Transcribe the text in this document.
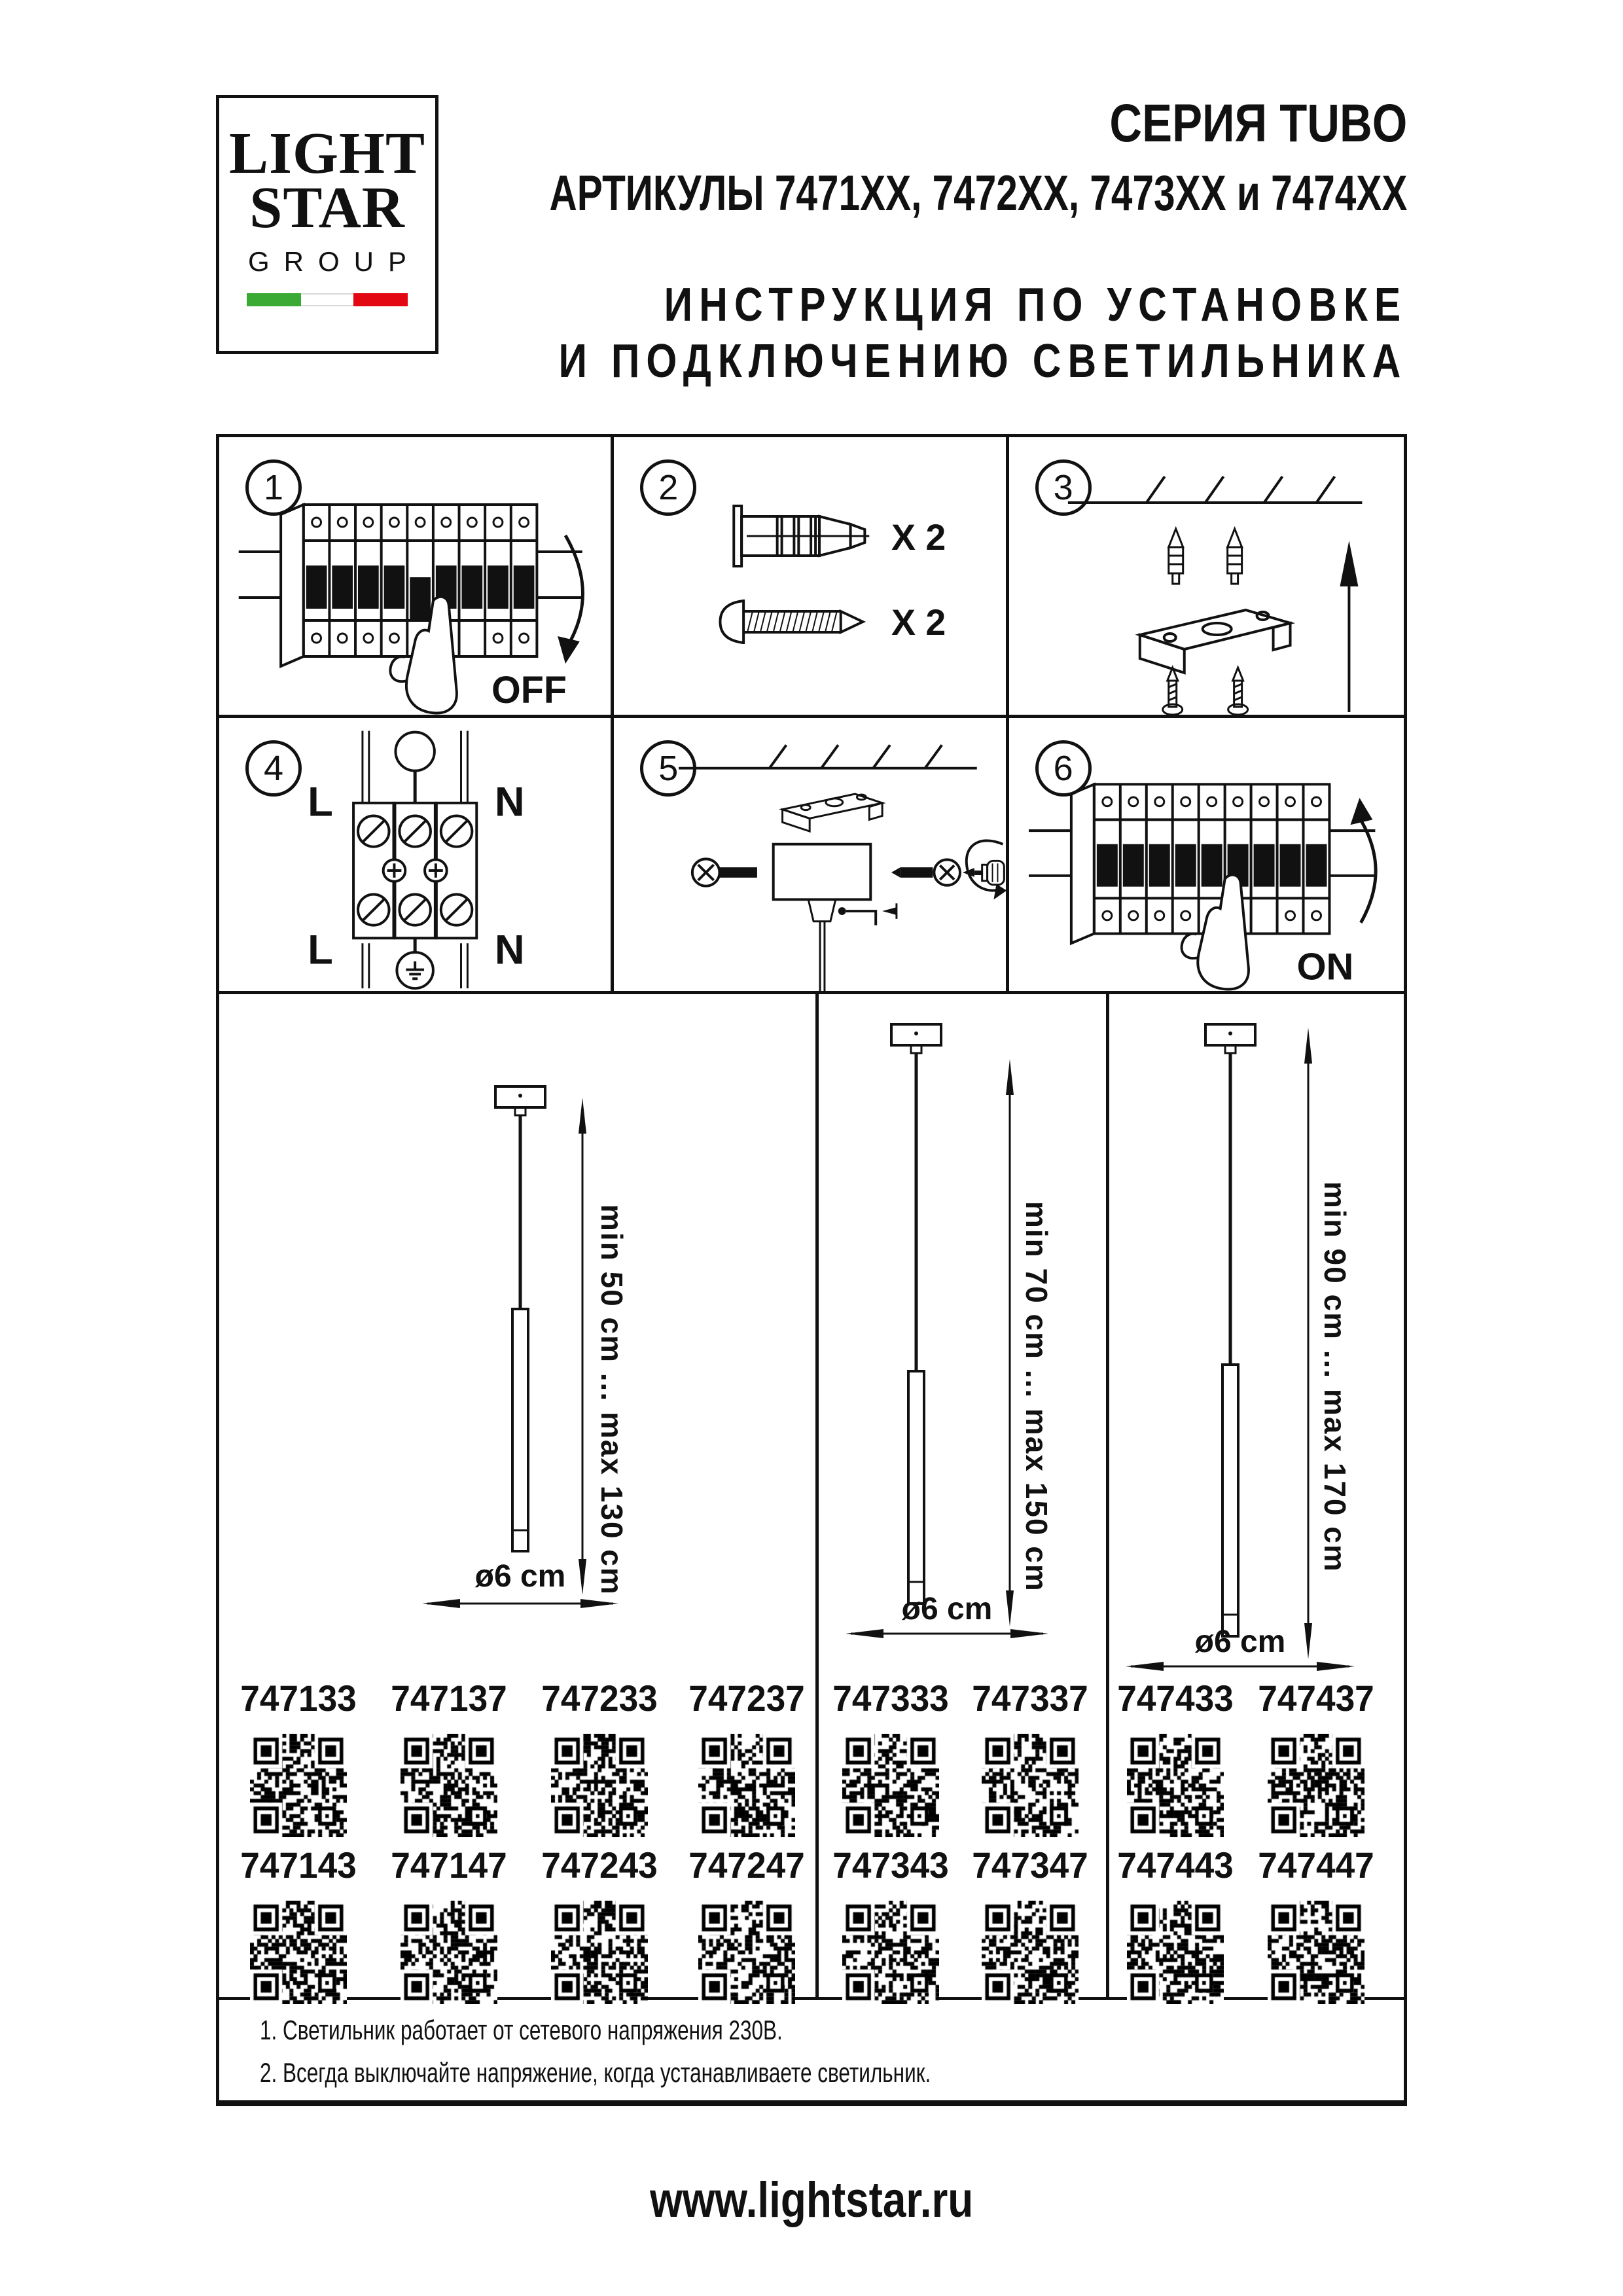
LIGHT
STAR
GROUP
СЕРИЯ TUBO
АРТИКУЛЫ 7471ХХ, 7472ХХ, 7473ХХ и 7474ХХ
ИНСТРУКЦИЯ ПО УСТАНОВКЕ
И ПОДКЛЮЧЕНИЮ СВЕТИЛЬНИКА
1
OFF
2
X 2
X 2
3
4
L	N
L	N
5	6
ON
min 50 cm ... max 130 cm
ø6 cm	min 70 cm ... max 150 cm
ø6 cm
min 90 cm ... max 170 cm
ø6 cm
747133 747137 747233 747237 747333 747337 747433 747437
747143 747147 747243 747247 747343 747347 747443 747447
1. Светильник работает от сетевого напряжения 230В.
2. Всегда выключайте напряжение, когда устанавливаете светильник.
www.lightstar.ru
